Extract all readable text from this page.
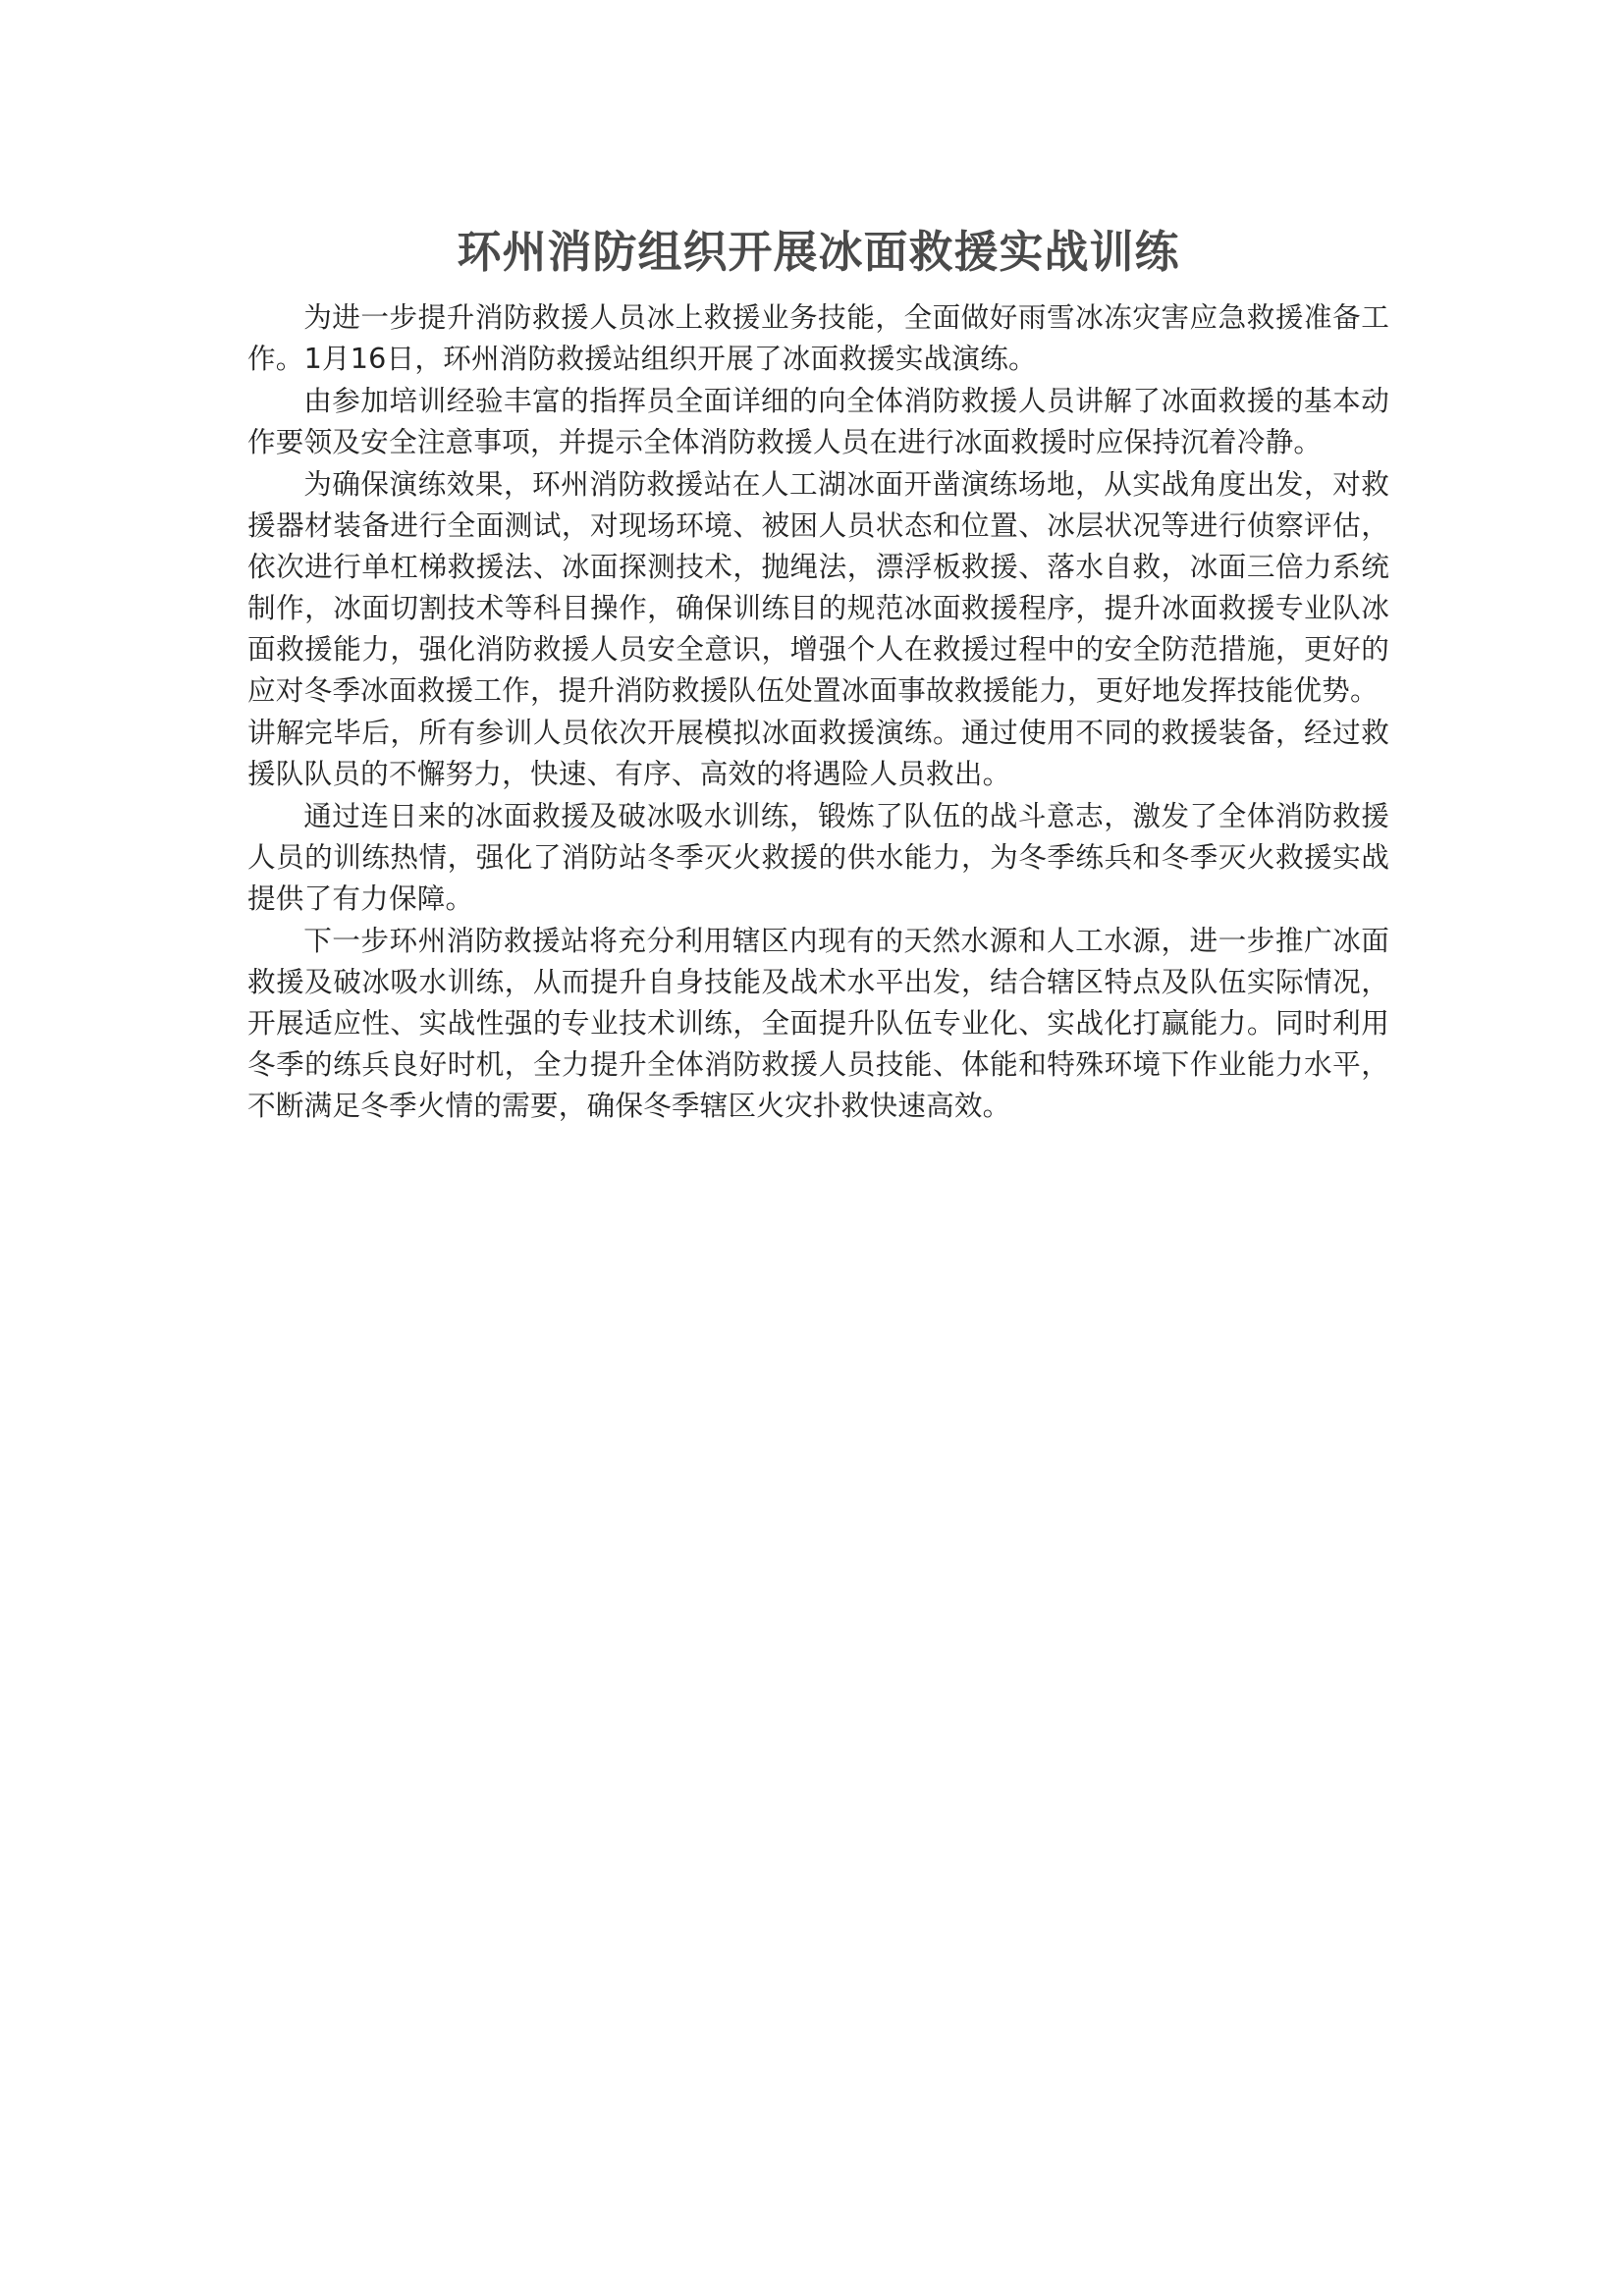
环州消防组织开展冰面救援实战训练

为进一步提升消防救援人员冰上救援业务技能，全面做好雨雪冰冻灾害应急救援准备工作。1月16日，环州消防救援站组织开展了冰面救援实战演练。

由参加培训经验丰富的指挥员全面详细的向全体消防救援人员讲解了冰面救援的基本动作要领及安全注意事项，并提示全体消防救援人员在进行冰面救援时应保持沉着冷静。

为确保演练效果，环州消防救援站在人工湖冰面开凿演练场地，从实战角度出发，对救援器材装备进行全面测试，对现场环境、被困人员状态和位置、冰层状况等进行侦察评估，依次进行单杠梯救援法、冰面探测技术，抛绳法，漂浮板救援、落水自救，冰面三倍力系统制作，冰面切割技术等科目操作，确保训练目的规范冰面救援程序，提升冰面救援专业队冰面救援能力，强化消防救援人员安全意识，增强个人在救援过程中的安全防范措施，更好的应对冬季冰面救援工作，提升消防救援队伍处置冰面事故救援能力，更好地发挥技能优势。

讲解完毕后，所有参训人员依次开展模拟冰面救援演练。通过使用不同的救援装备，经过救援队队员的不懈努力，快速、有序、高效的将遇险人员救出。

通过连日来的冰面救援及破冰吸水训练，锻炼了队伍的战斗意志，激发了全体消防救援人员的训练热情，强化了消防站冬季灭火救援的供水能力，为冬季练兵和冬季灭火救援实战提供了有力保障。

下一步环州消防救援站将充分利用辖区内现有的天然水源和人工水源，进一步推广冰面救援及破冰吸水训练，从而提升自身技能及战术水平出发，结合辖区特点及队伍实际情况，开展适应性、实战性强的专业技术训练，全面提升队伍专业化、实战化打赢能力。同时利用冬季的练兵良好时机，全力提升全体消防救援人员技能、体能和特殊环境下作业能力水平，不断满足冬季火情的需要，确保冬季辖区火灾扑救快速高效。
